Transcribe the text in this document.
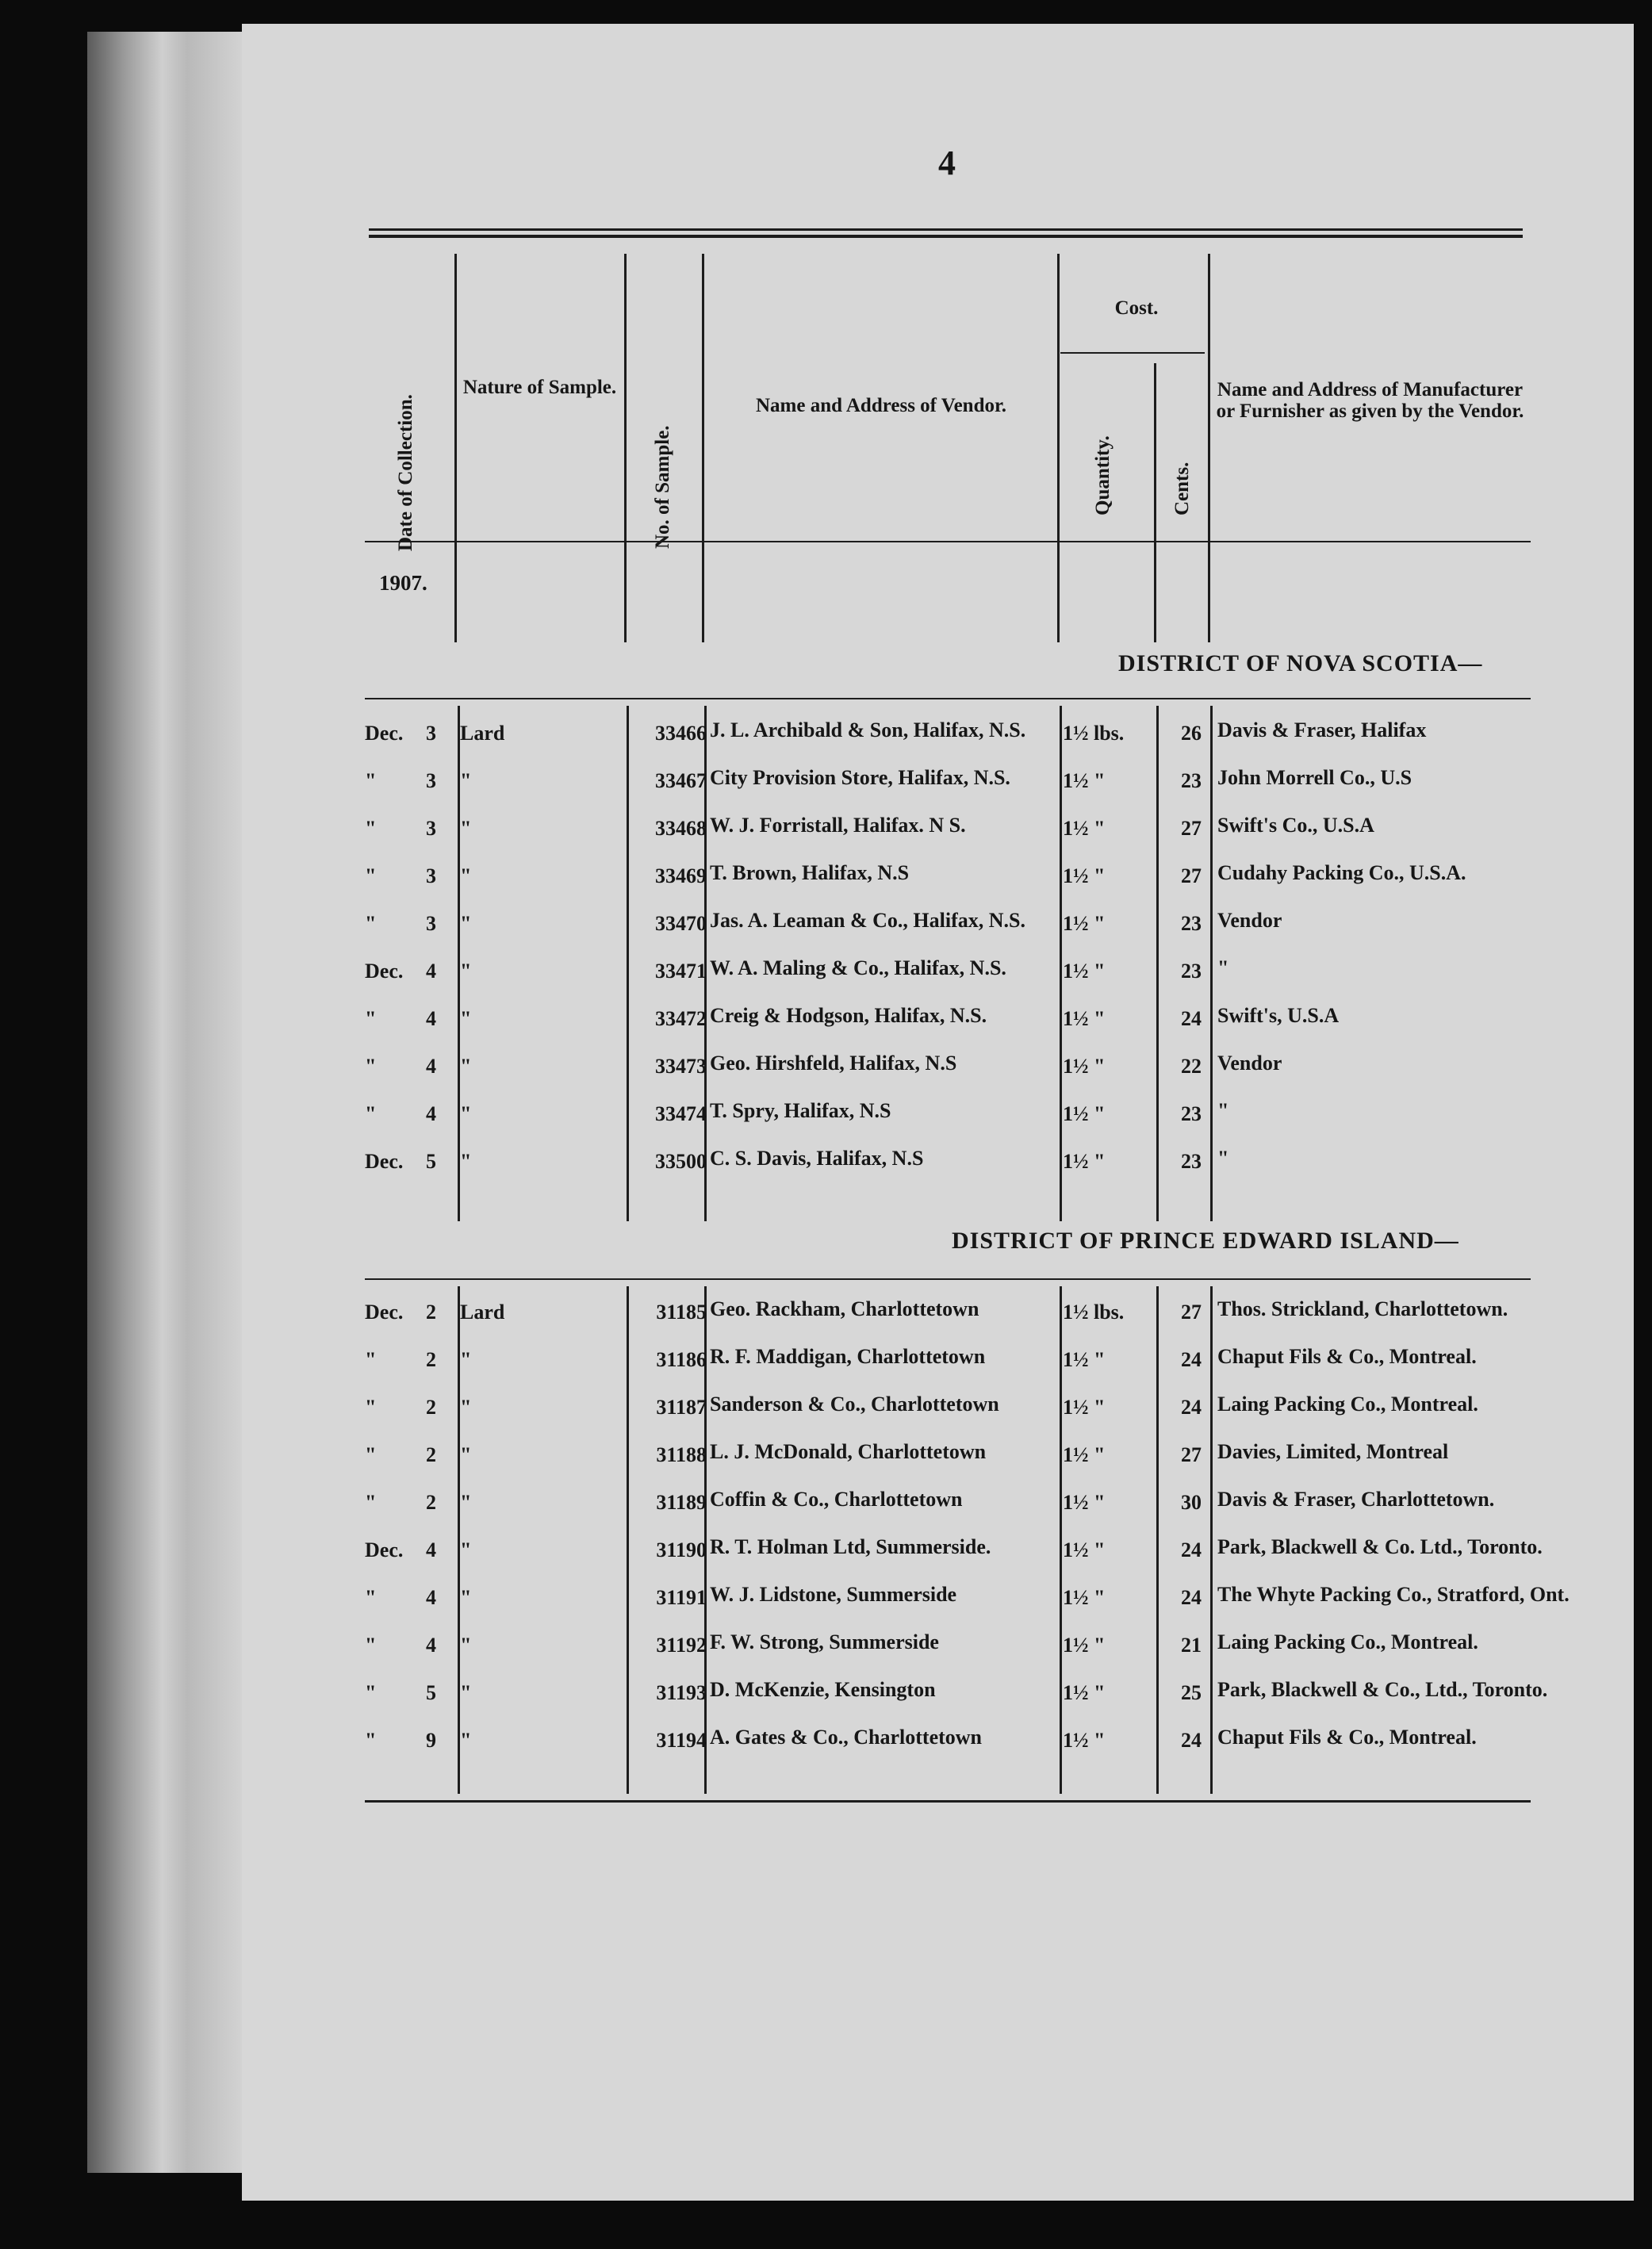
4
Date of Collection.
Nature of Sample.
No. of Sample.
Name and Address of Vendor.
Cost.
Quantity.	Cents.
Name and Address of Manufacturer or Furnisher as given by the Vendor.
1907.
DISTRICT OF NOVA SCOTIA—
Dec.	3 Lard	33466 J. L. Archibald & Son, Halifax, N.S.	1½ lbs.	26 Davis & Fraser, Halifax
"	3 "	33467 City Provision Store, Halifax, N.S.	1½ "	23 John Morrell Co., U.S
"	3 "	33468 W. J. Forristall, Halifax. N S.	1½ "	27 Swift's Co., U.S.A
"	3 "	33469 T. Brown, Halifax, N.S	1½ "	27 Cudahy Packing Co., U.S.A.
"	3 "	33470 Jas. A. Leaman & Co., Halifax, N.S.	1½ "	23 Vendor
Dec.	4 "	33471 W. A. Maling & Co., Halifax, N.S.	1½ "	23 "
"	4 "	33472 Creig & Hodgson, Halifax, N.S.	1½ "	24 Swift's, U.S.A
"	4 "	33473 Geo. Hirshfeld, Halifax, N.S	1½ "	22 Vendor
"	4 "	33474 T. Spry, Halifax, N.S	1½ "	23 "
Dec.	5 "	33500 C. S. Davis, Halifax, N.S	1½ "	23 "
DISTRICT OF PRINCE EDWARD ISLAND—
Dec.	2 Lard	31185 Geo. Rackham, Charlottetown	1½ lbs.	27 Thos. Strickland, Charlottetown.
"	2 "	31186 R. F. Maddigan, Charlottetown	1½ "	24 Chaput Fils & Co., Montreal.
"	2 "	31187 Sanderson & Co., Charlottetown	1½ "	24 Laing Packing Co., Montreal.
"	2 "	31188 L. J. McDonald, Charlottetown	1½ "	27 Davies, Limited, Montreal
"	2 "	31189 Coffin & Co., Charlottetown	1½ "	30 Davis & Fraser, Charlottetown.
Dec.	4 "	31190 R. T. Holman Ltd, Summerside.	1½ "	24 Park, Blackwell & Co. Ltd., Toronto.
"	4 "	31191 W. J. Lidstone, Summerside	1½ "	24 The Whyte Packing Co., Stratford, Ont.
"	4 "	31192 F. W. Strong, Summerside	1½ "	21 Laing Packing Co., Montreal.
"	5 "	31193 D. McKenzie, Kensington	1½ "	25 Park, Blackwell & Co., Ltd., Toronto.
"	9 "	31194 A. Gates & Co., Charlottetown	1½ "	24 Chaput Fils & Co., Montreal.
